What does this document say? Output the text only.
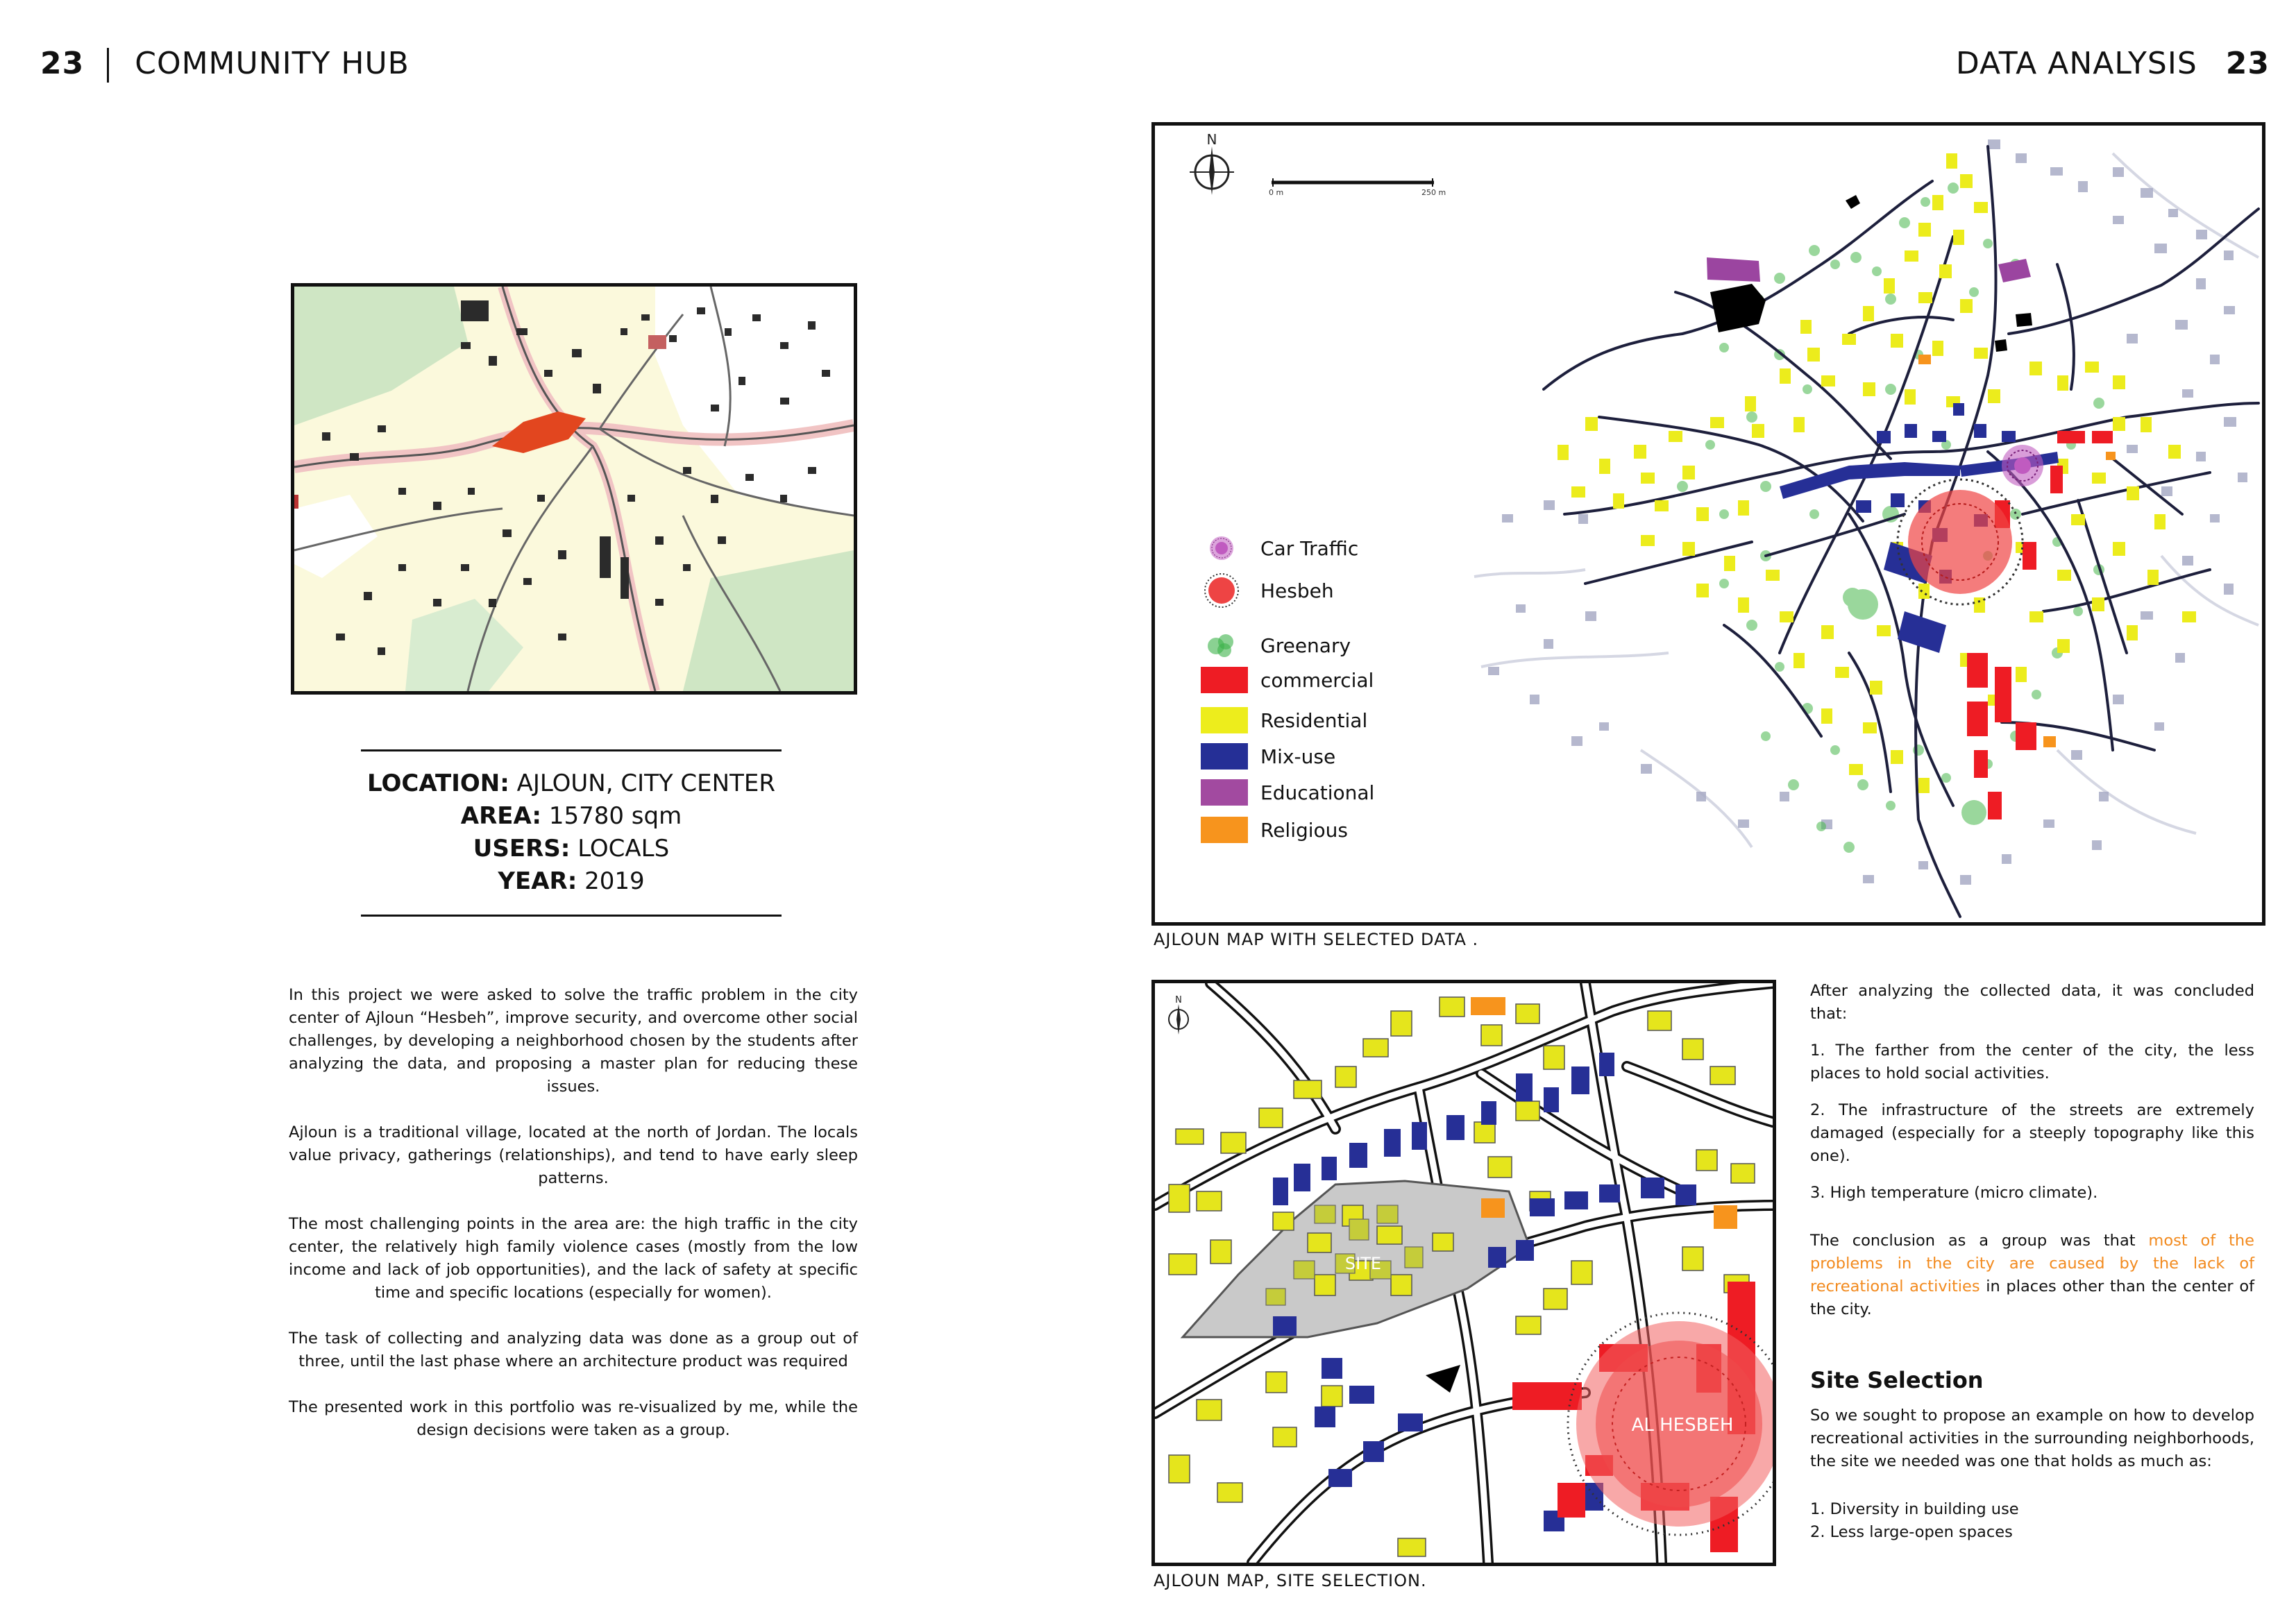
23 COMMUNITY HUB	DATA ANALYSIS 23
LOCATION: AJLOUN, CITY CENTER
AREA: 15780 sqm
USERS: LOCALS
YEAR: 2019

In this project we were asked to solve the traffic problem in the city center of Ajloun “Hesbeh”, improve security, and overcome other social challenges, by developing a neighborhood chosen by the students after analyzing the data, and proposing a master plan for reducing these issues.

Ajloun is a traditional village, located at the north of Jordan. The locals value privacy, gatherings (relationships), and tend to have early sleep patterns.

The most challenging points in the area are: the high traffic in the city center, the relatively high family violence cases (mostly from the low income and lack of job opportunities), and the lack of safety at specific time and specific locations (especially for women).

The task of collecting and analyzing data was done as a group out of three, until the last phase where an architecture product was required

The presented work in this portfolio was re-visualized by me, while the design decisions were taken as a group.

N
0 m	250 m
Car Traffic
Hesbeh
Greenary
commercial
Residential
Mix-use
Educational
Religious
AJLOUN MAP WITH SELECTED DATA .
N
SITE
AL HESBEH
AJLOUN MAP, SITE SELECTION.

After analyzing the collected data, it was concluded that:

1. The farther from the center of the city, the less places to hold social activities.

2. The infrastructure of the streets are extremely damaged (especially for a steeply topography like this one).

3. High temperature (micro climate).

The conclusion as a group was that most of the problems in the city are caused by the lack of recreational activities in places other than the center of the city.

Site Selection

So we sought to propose an example on how to develop recreational activities in the surrounding neighborhoods, the site we needed was one that holds as much as:

1. Diversity in building use
2. Less large-open spaces
